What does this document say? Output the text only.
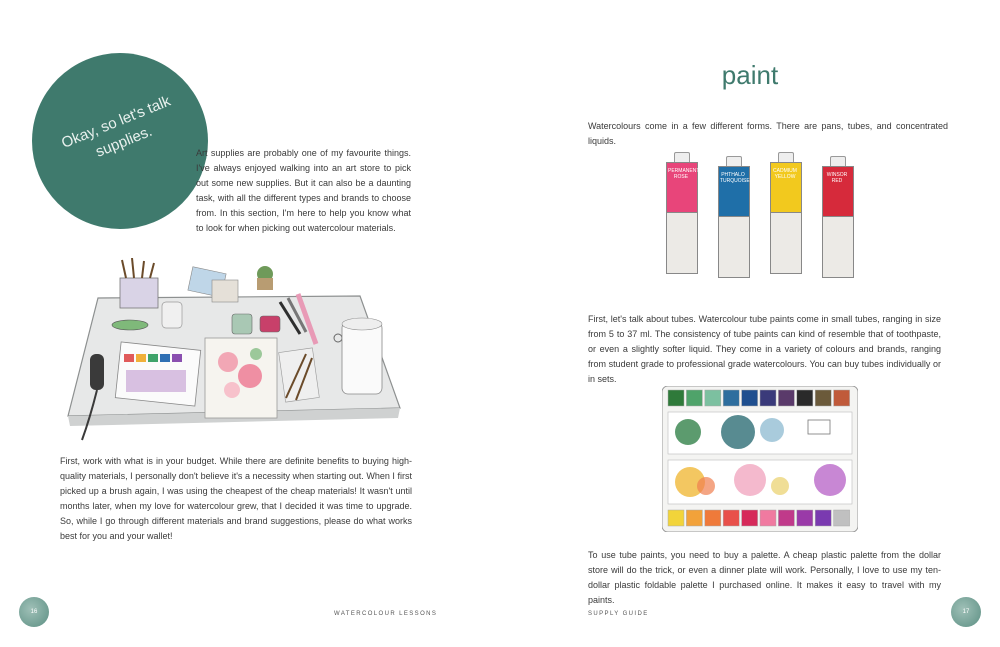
Okay, so let's talk supplies.	Art supplies are probably one of my favourite things. I've always enjoyed walking into an art store to pick out some new supplies. But it can also be a daunting task, with all the different types and brands to choose from. In this section, I'm here to help you know what to look for when picking out watercolour materials.
First, work with what is in your budget. While there are definite benefits to buying high-quality materials, I personally don't believe it's a necessity when starting out. When I first picked up a brush again, I was using the cheapest of the cheap materials! It wasn't until months later, when my love for watercolour grew, that I decided it was time to upgrade. So, while I go through different materials and brand suggestions, please do what works best for you and your wallet!
16	WATERCOLOUR LESSONS
paint
Watercolours come in a few different forms. There are pans, tubes, and concentrated liquids.
PERMANENT ROSE	PHTHALO TURQUOISE
CADMIUM YELLOW	WINSOR RED
First, let's talk about tubes. Watercolour tube paints come in small tubes, ranging in size from 5 to 37 ml. The consistency of tube paints can kind of resemble that of toothpaste, or even a slightly softer liquid. They come in a variety of colours and brands, ranging from student grade to professional grade watercolours. You can buy tubes individually or in sets.
To use tube paints, you need to buy a palette. A cheap plastic palette from the dollar store will do the trick, or even a dinner plate will work. Personally, I love to use my ten-dollar plastic foldable palette I purchased online. It makes it easy to travel with my paints.
SUPPLY GUIDE	17
